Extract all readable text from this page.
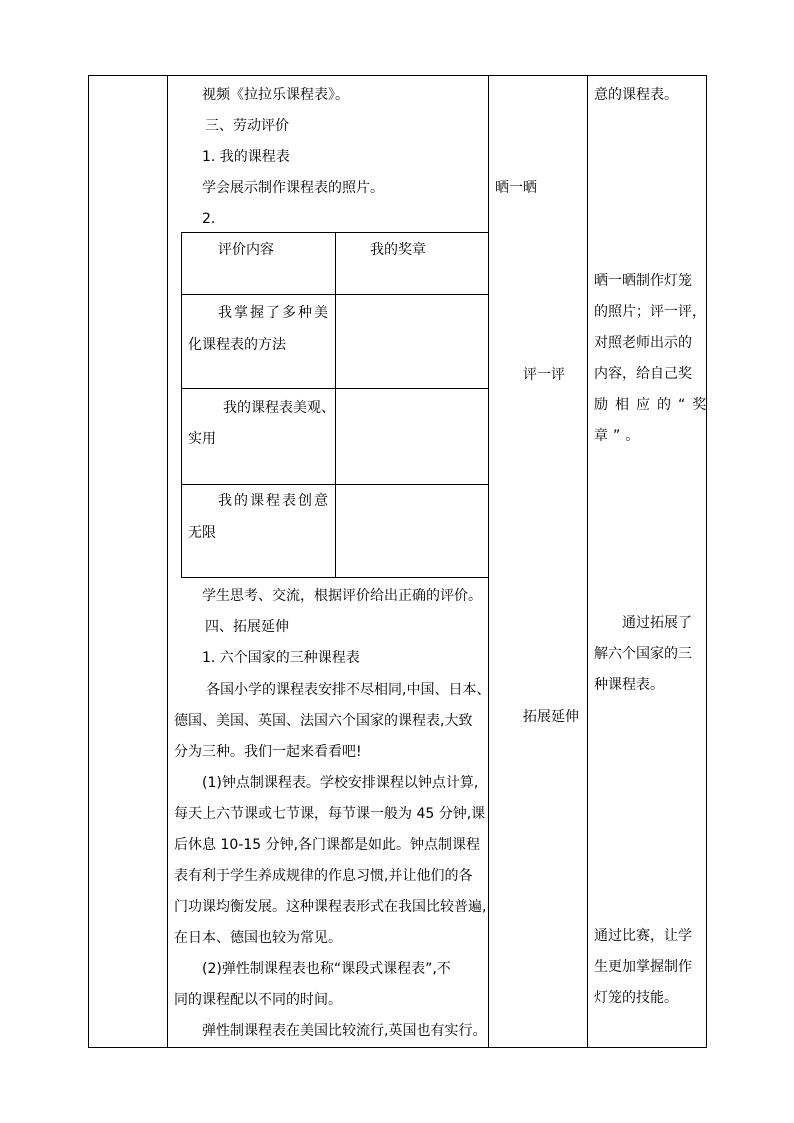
视频《拉拉乐课程表》。
三、劳动评价
1. 我的课程表
学会展示制作课程表的照片。
2.
评价内容	我的奖章
我掌握了多种美
化课程表的方法
我的课程表美观、
实用
我的课程表创意
无限
学生思考、交流，根据评价给出正确的评价。
四、拓展延伸
1. 六个国家的三种课程表
各国小学的课程表安排不尽相同,中国、日本、
德国、美国、英国、法国六个国家的课程表,大致
分为三种。我们一起来看看吧!
(1)钟点制课程表。学校安排课程以钟点计算,
每天上六节课或七节课，每节课一般为 45 分钟,课
后休息 10-15 分钟,各门课都是如此。钟点制课程
表有利于学生养成规律的作息习惯,并让他们的各
门功课均衡发展。这种课程表形式在我国比较普遍,
在日本、德国也较为常见。
(2)弹性制课程表也称“课段式课程表”,不
同的课程配以不同的时间。
弹性制课程表在美国比较流行,英国也有实行。
晒一晒
评一评
拓展延伸
意的课程表。
晒一晒制作灯笼
的照片；评一评，
对照老师出示的
内容，给自己奖
励相应的“奖
章”。
通过拓展了
解六个国家的三
种课程表。
通过比赛，让学
生更加掌握制作
灯笼的技能。
